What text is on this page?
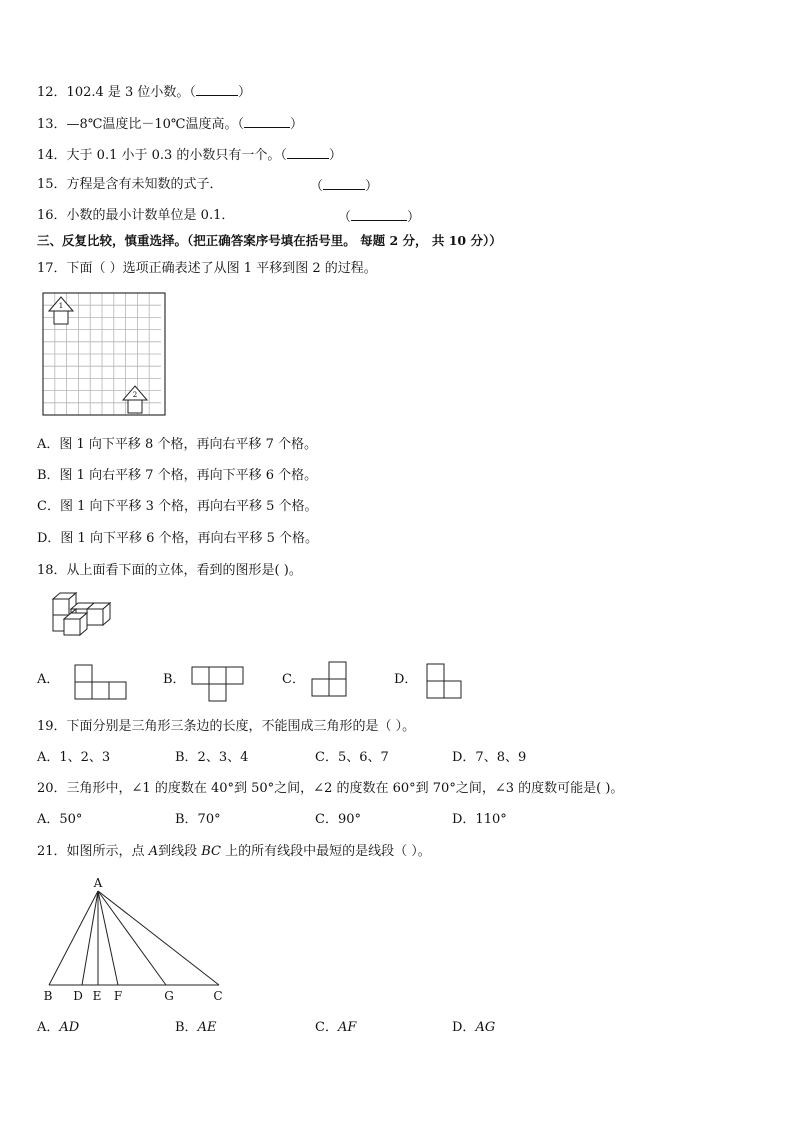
12．102.4 是 3 位小数。（	）
13．—8℃温度比－10℃温度高。（	）
14．大于 0.1 小于 0.3 的小数只有一个。（	）
15．方程是含有未知数的式子．	（	）
16．小数的最小计数单位是 0.1．	（	）
三、反复比较，慎重选择。（把正确答案序号填在括号里。 每题 2 分， 共 10 分））
17．下面（ ）选项正确表述了从图 1 平移到图 2 的过程。
1
2
A．图 1 向下平移 8 个格，再向右平移 7 个格。
B．图 1 向右平移 7 个格，再向下平移 6 个格。
C．图 1 向下平移 3 个格，再向右平移 5 个格。
D．图 1 向下平移 6 个格，再向右平移 5 个格。
18．从上面看下面的立体，看到的图形是( )。
A．	B．	C．	D．
19．下面分别是三角形三条边的长度，不能围成三角形的是（ ）。
A．1、2、3	B．2、3、4	C．5、6、7	D．7、8、9
20．三角形中，∠1 的度数在 40°到 50°之间，∠2 的度数在 60°到 70°之间，∠3 的度数可能是( )。
A．50°	B．70°	C．90°	D．110°
21．如图所示，点 A到线段 BC 上的所有线段中最短的是线段（ ）。
A
B D E F	G	C
A．AD	B．AE	C．AF	D．AG
